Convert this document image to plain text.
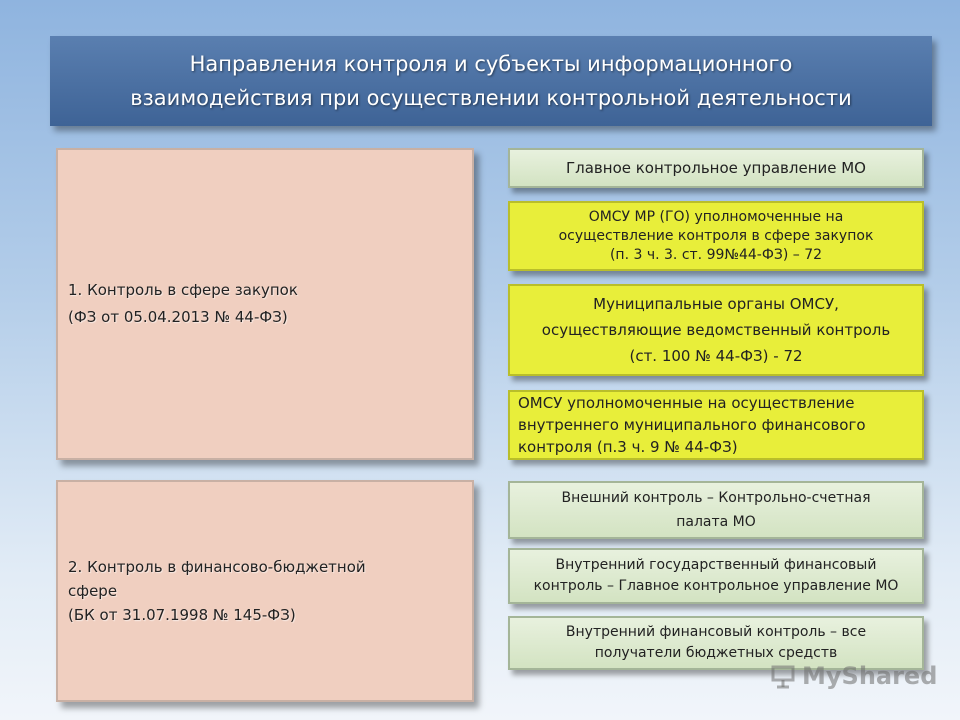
Направления контроля и субъекты информационного
взаимодействия при осуществлении контрольной деятельности
1. Контроль в сфере закупок
(ФЗ от 05.04.2013 № 44-ФЗ)
2. Контроль в финансово-бюджетной
сфере
(БК от 31.07.1998 № 145-ФЗ)
Главное контрольное управление МО
ОМСУ МР (ГО) уполномоченные на
осуществление контроля в сфере закупок
(п. 3 ч. 3. ст. 99№44-ФЗ) – 72
Муниципальные органы ОМСУ,
осуществляющие ведомственный контроль
(ст. 100 № 44-ФЗ) - 72
ОМСУ уполномоченные на осуществление
внутреннего муниципального финансового
контроля (п.3 ч. 9 № 44-ФЗ)
Внешний контроль – Контрольно-счетная
палата МО
Внутренний государственный финансовый
контроль – Главное контрольное управление МО
Внутренний финансовый контроль – все
получатели бюджетных средств
MyShared
